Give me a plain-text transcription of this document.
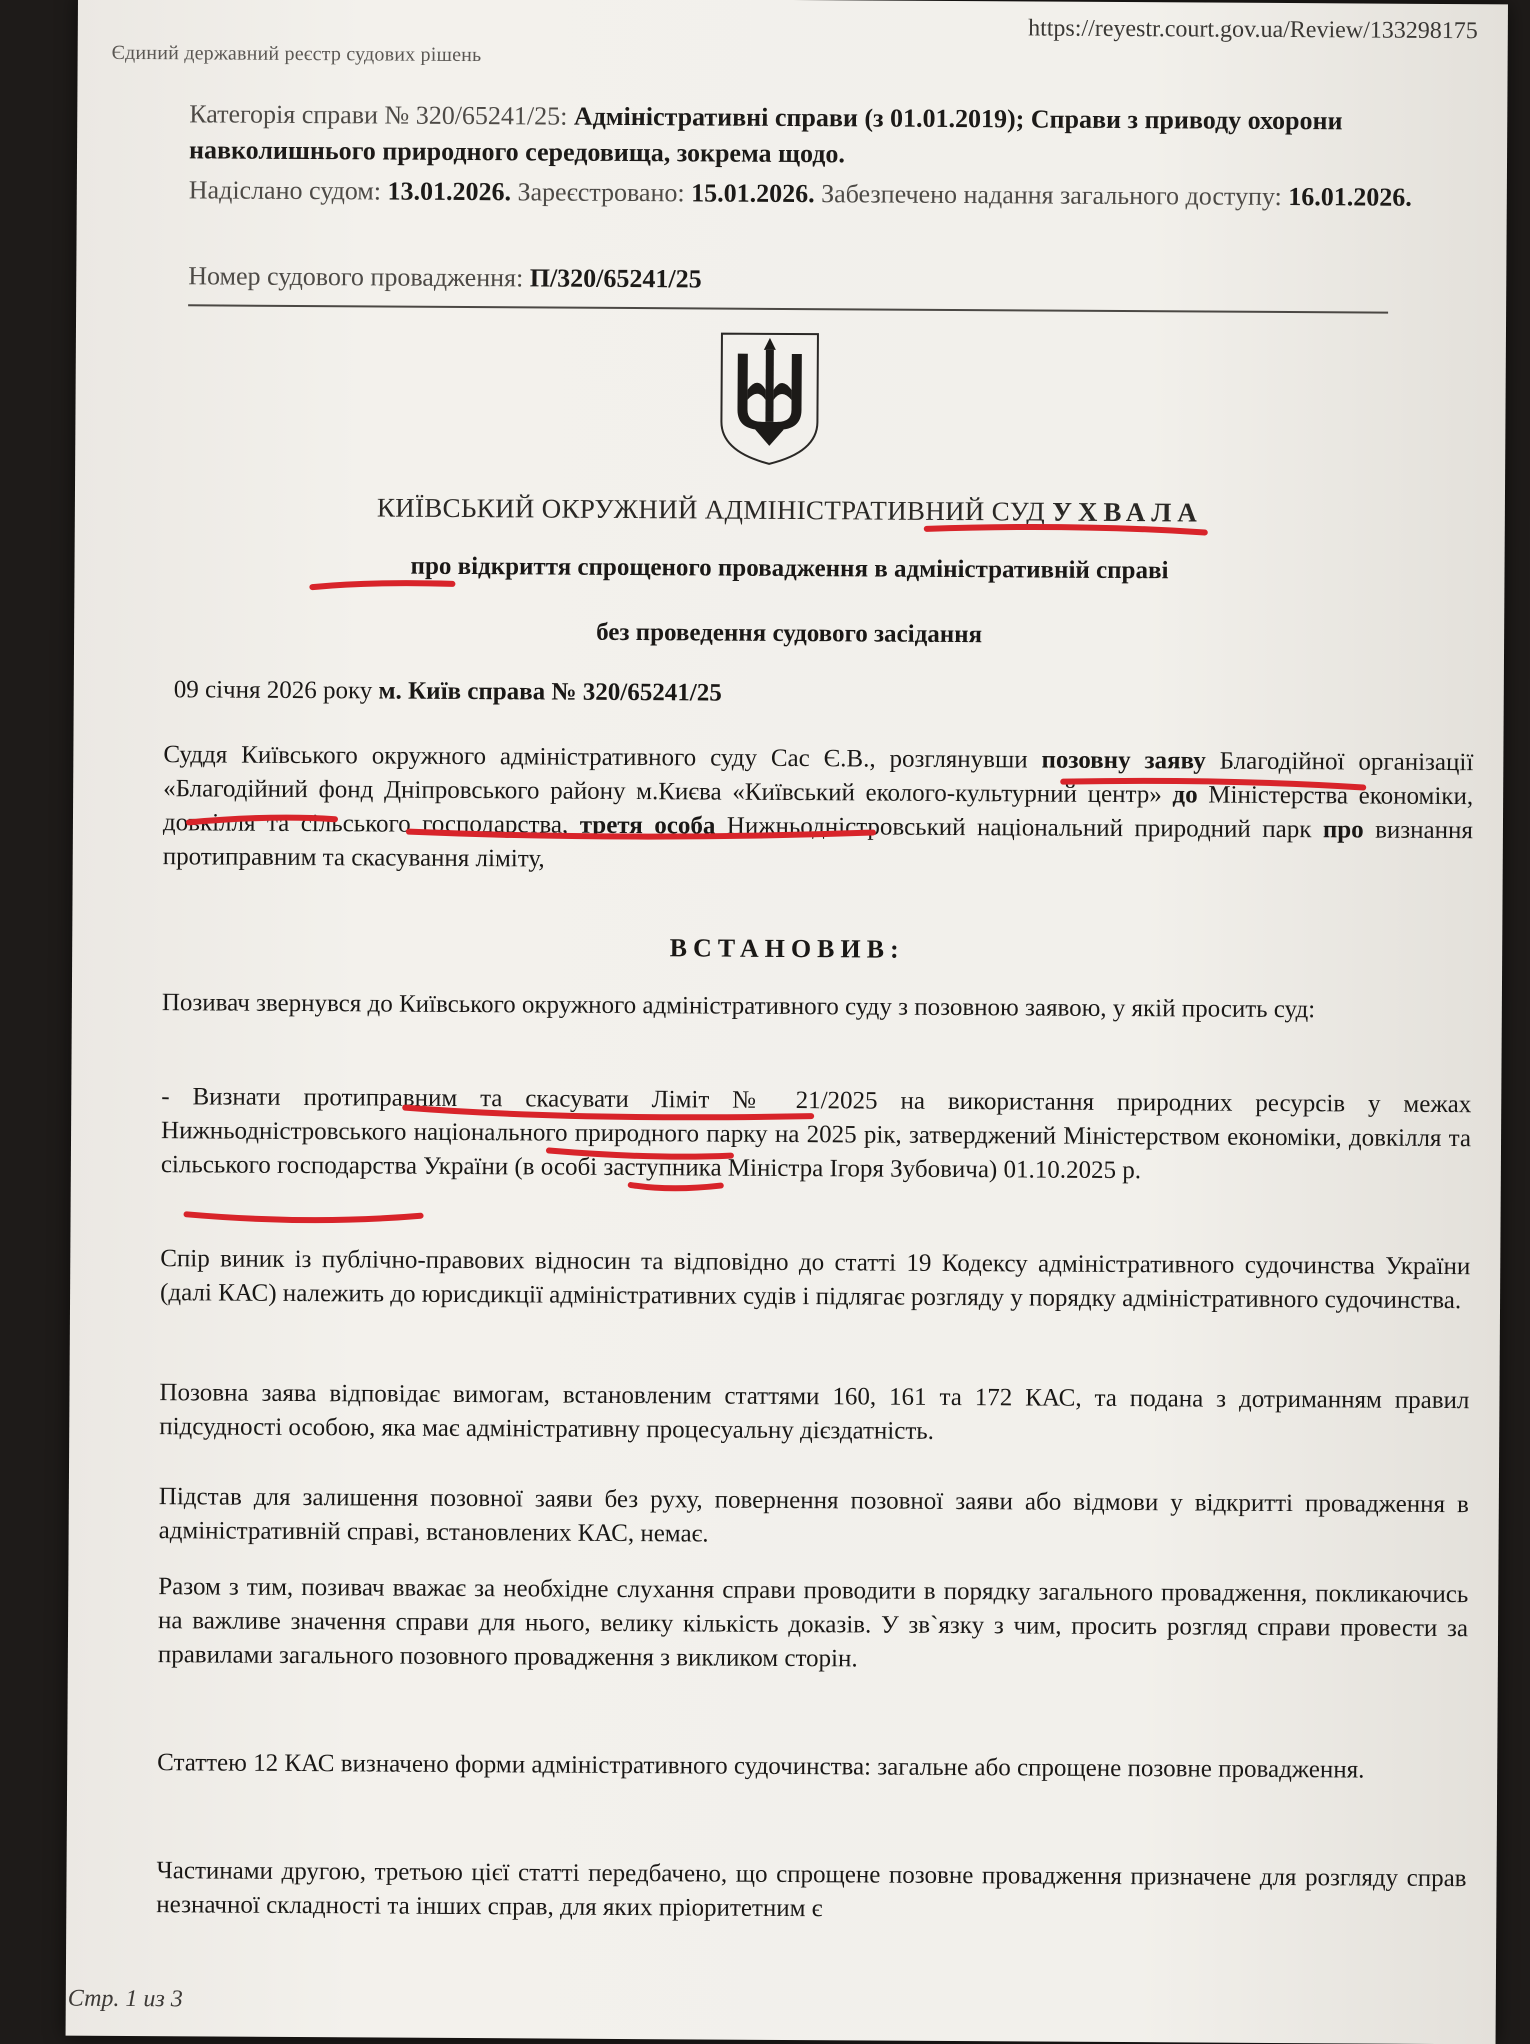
Єдиний державний реєстр судових рішень
https://reyestr.court.gov.ua/Review/133298175
Категорія справи № 320/65241/25: Адміністративні справи (з 01.01.2019); Справи з приводу охорони навколишнього природного середовища, зокрема щодо.
Надіслано судом: 13.01.2026. Зареєстровано: 15.01.2026. Забезпечено надання загального доступу: 16.01.2026.
Номер судового провадження: П/320/65241/25
КИЇВСЬКИЙ ОКРУЖНИЙ АДМІНІСТРАТИВНИЙ СУД УХВАЛА
про відкриття спрощеного провадження в адміністративній справі
без проведення судового засідання
09 січня 2026 року м. Київ справа № 320/65241/25
Суддя Київського окружного адміністративного суду Сас Є.В., розглянувши позовну заяву Благодійної організації «Благодійний фонд Дніпровського району м.Києва «Київський еколого-культурний центр» до Міністерства економіки, довкілля та сільського господарства, третя особа Нижньодністровський національний природний парк про визнання протиправним та скасування ліміту,
ВСТАНОВИВ:
Позивач звернувся до Київського окружного адміністративного суду з позовною заявою, у якій просить суд:
- Визнати протиправним та скасувати Ліміт № 21/2025 на використання природних ресурсів у межах Нижньодністровського національного природного парку на 2025 рік, затверджений Міністерством економіки, довкілля та сільського господарства України (в особі заступника Міністра Ігоря Зубовича) 01.10.2025 р.
Спір виник із публічно-правових відносин та відповідно до статті 19 Кодексу адміністративного судочинства України (далі КАС) належить до юрисдикції адміністративних судів і підлягає розгляду у порядку адміністративного судочинства.
Позовна заява відповідає вимогам, встановленим статтями 160, 161 та 172 КАС, та подана з дотриманням правил підсудності особою, яка має адміністративну процесуальну дієздатність.
Підстав для залишення позовної заяви без руху, повернення позовної заяви або відмови у відкритті провадження в адміністративній справі, встановлених КАС, немає.
Разом з тим, позивач вважає за необхідне слухання справи проводити в порядку загального провадження, покликаючись на важливе значення справи для нього, велику кількість доказів. У зв`язку з чим, просить розгляд справи провести за правилами загального позовного провадження з викликом сторін.
Статтею 12 КАС визначено форми адміністративного судочинства: загальне або спрощене позовне провадження.
Частинами другою, третьою цієї статті передбачено, що спрощене позовне провадження призначене для розгляду справ незначної складності та інших справ, для яких пріоритетним є
Стр. 1 из 3
